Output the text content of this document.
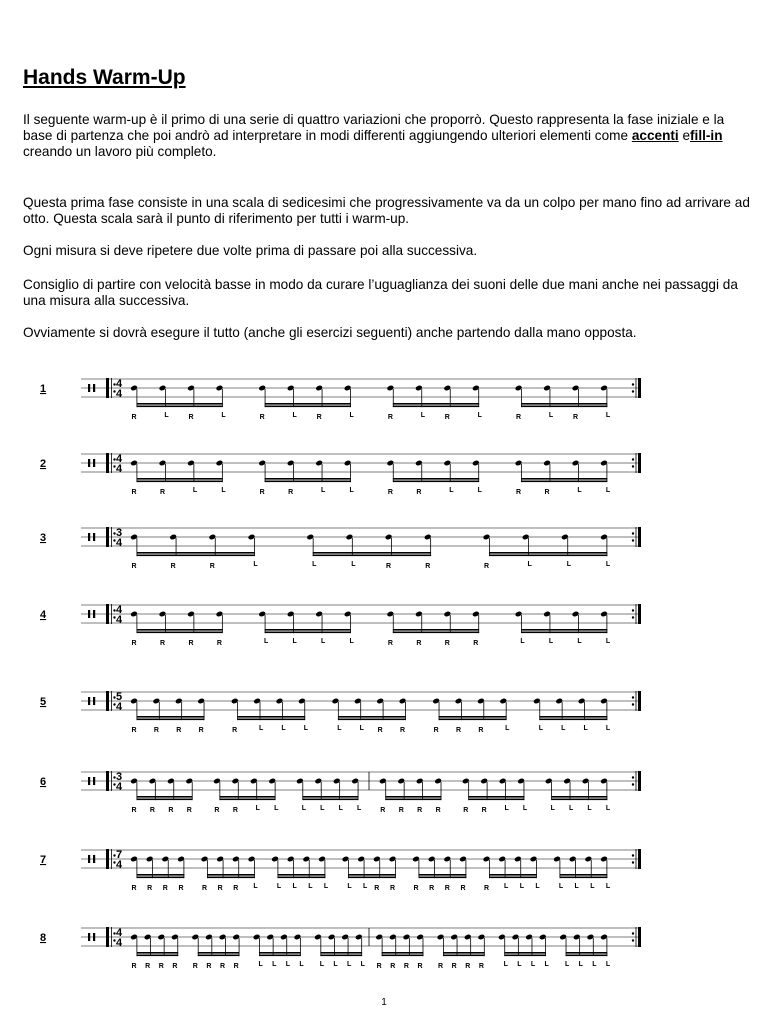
Hands Warm-Up

Il seguente warm-up è il primo di una serie di quattro variazioni che proporrò. Questo rappresenta la fase iniziale e la base di partenza che poi andrò ad interpretare in modi differenti aggiungendo ulteriori elementi come accenti efill-in creando un lavoro più completo.

Questa prima fase consiste in una scala di sedicesimi che progressivamente va da un colpo per mano fino ad arrivare ad otto. Questa scala sarà il punto di riferimento per tutti i warm-up.

Ogni misura si deve ripetere due volte prima di passare poi alla successiva.

Consiglio di partire con velocità basse in modo da curare l’uguaglianza dei suoni delle due mani anche nei passaggi da una misura alla successiva.

Ovviamente si dovrà esegure il tutto (anche gli esercizi seguenti) anche partendo dalla mano opposta.

1	4
4
R	L	R	L	R	L	R	L	R	L	R	L	R	L	R	L
2	4
4
R	R	L	L	R	R	L	L	R	R	L	L	R	R	L	L
3	3
4
R	R	R	L	L	L	R	R	R	L	L	L
4	4
4
R	R	R	R	L	L	L	L	R	R	R	R	L	L	L	L
5	5
4
R R R R	R	L	L	L	L	L R R	R R R	L	L	L	L	L
6	3
4
R R R R	R R	L L	L L L L	R R R R	R R	L L	L L L L
7	7
4
R R R R	R R R L	L L L L	L L R R	R R R R	R L L L	L L L L
8	4
4
R R R R R R R R	L L L L L L L L R R R R R R R R	L L L L L L L L
1
